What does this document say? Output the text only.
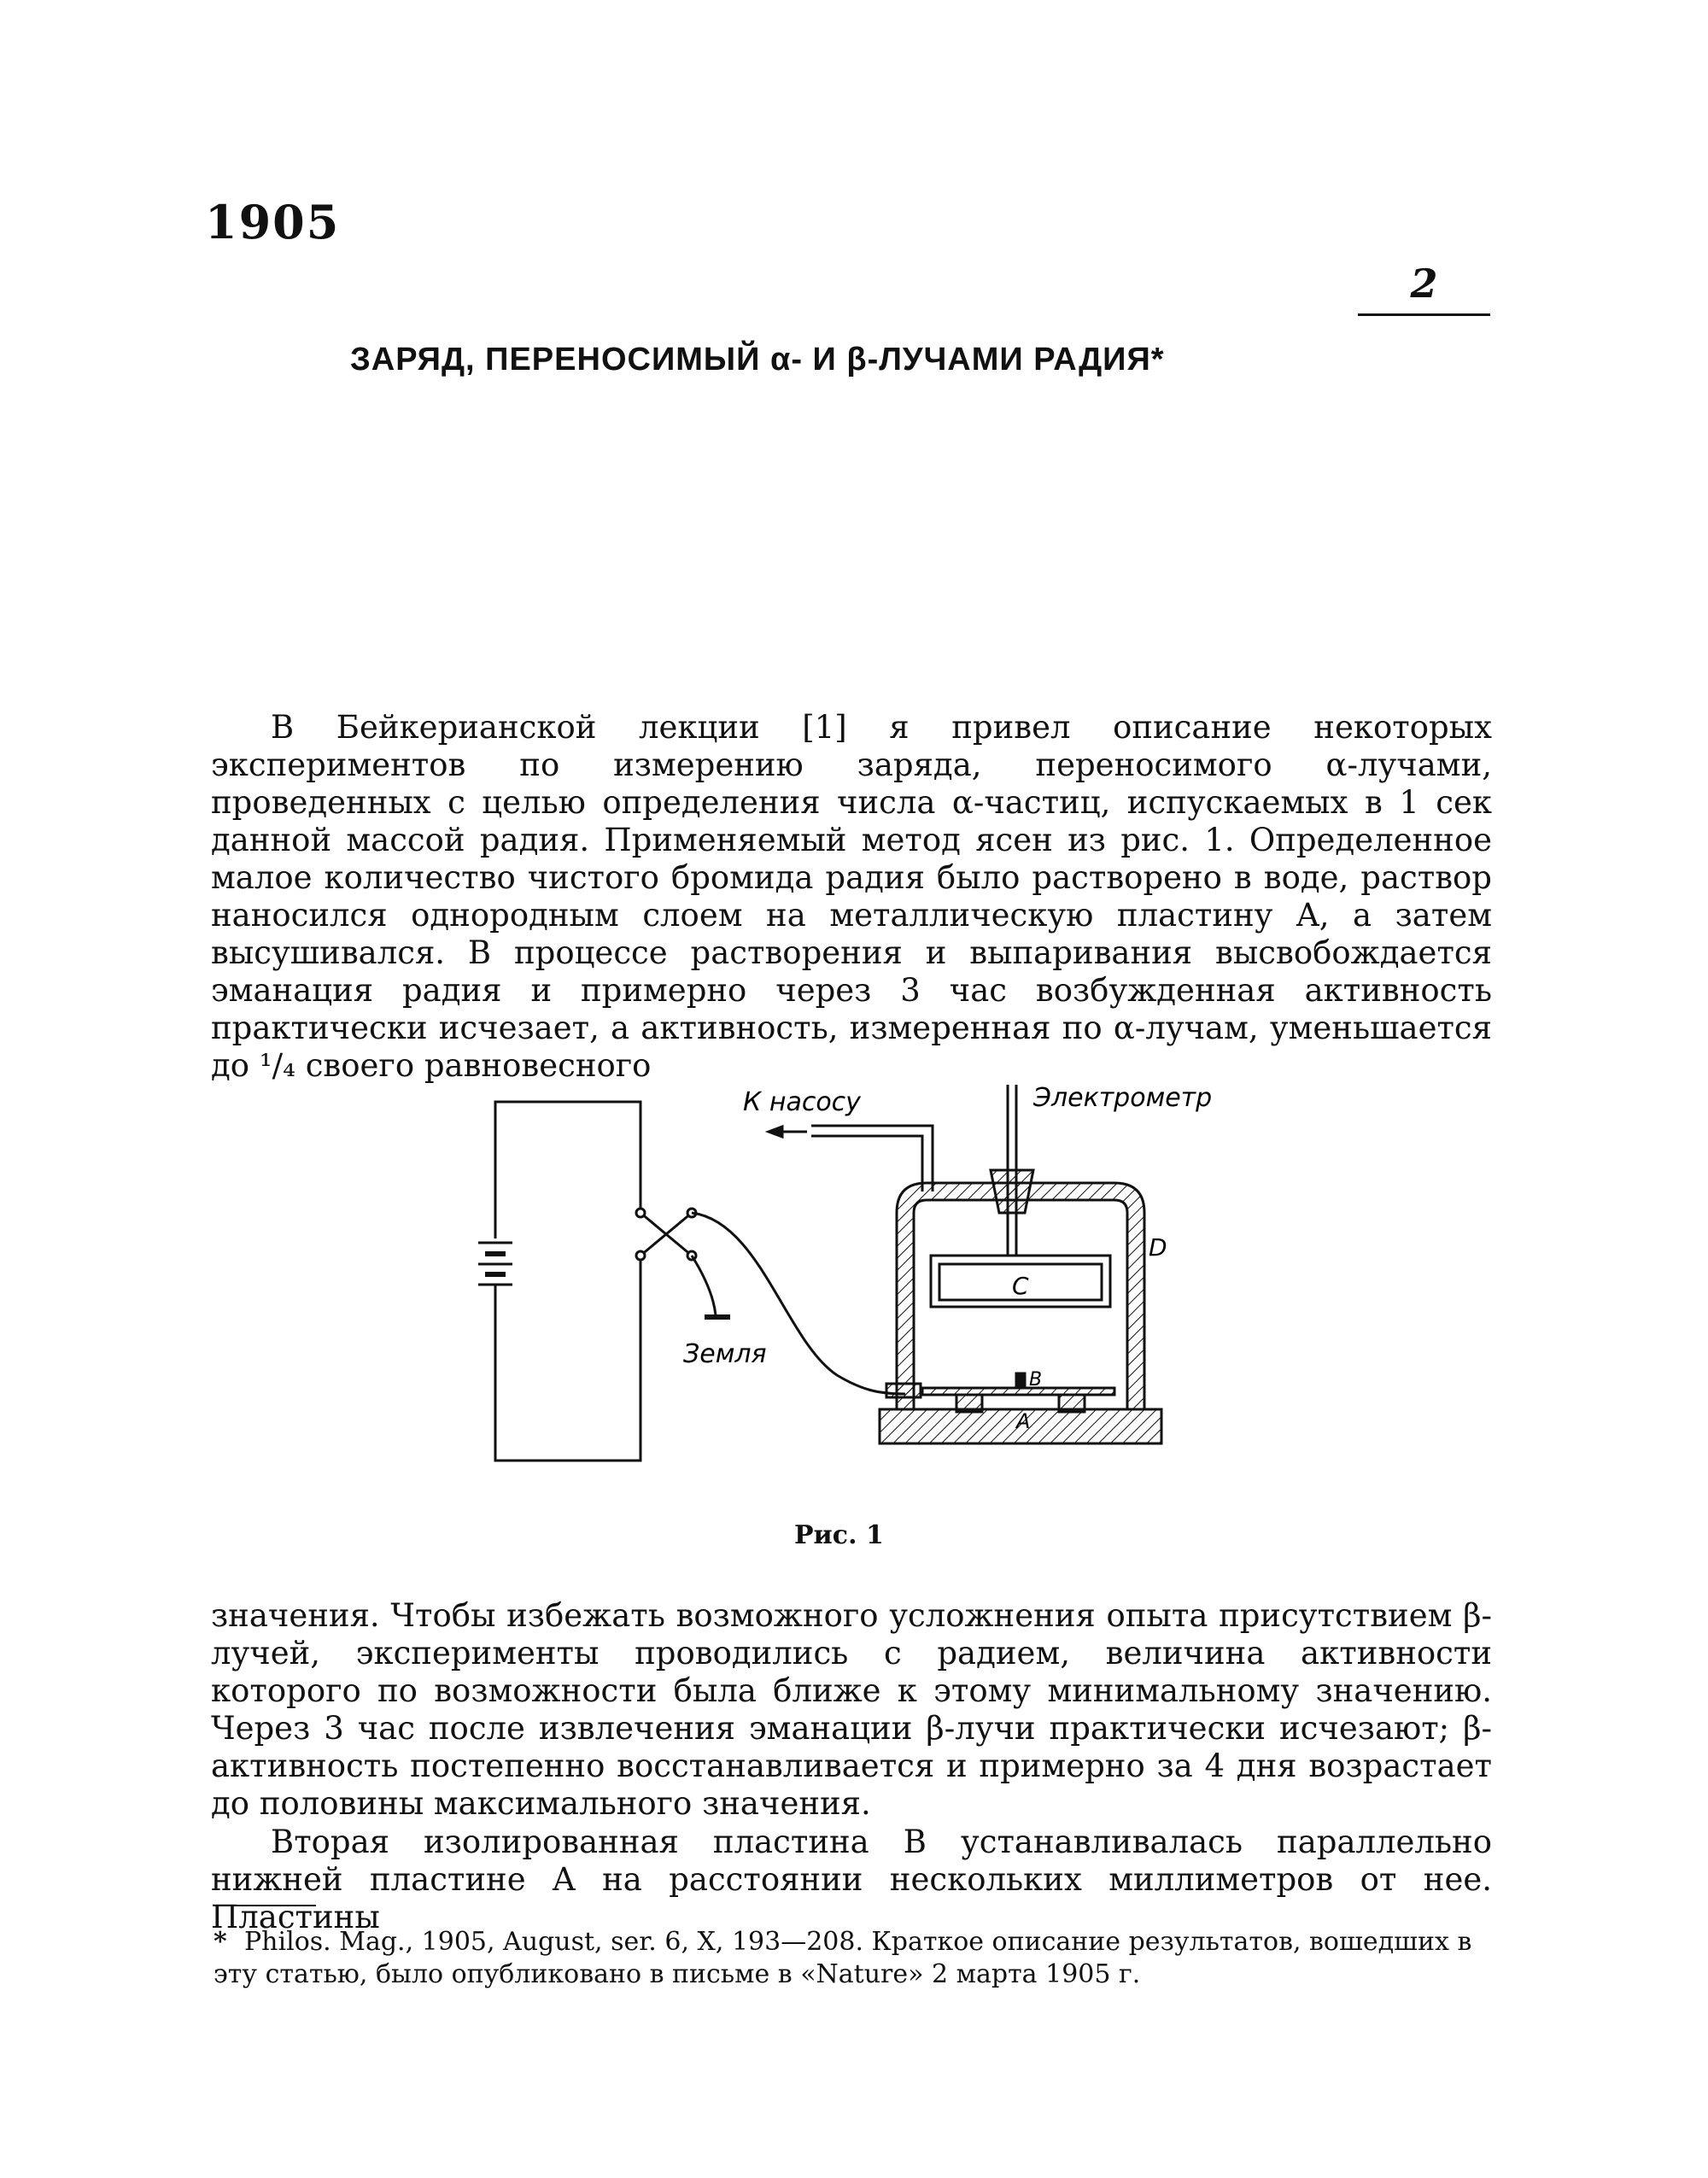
1905
2
ЗАРЯД, ПЕРЕНОСИМЫЙ α- И β-ЛУЧАМИ РАДИЯ*

В Бейкерианской лекции [1] я привел описание некоторых экспериментов по измерению заряда, переносимого α-лучами, проведенных с целью определения числа α-частиц, испускаемых в 1 сек данной массой радия. Применяемый метод ясен из рис. 1. Определенное малое количество чистого бромида радия было растворено в воде, раствор наносился однородным слоем на металлическую пластину A, а затем высушивался. В процессе растворения и выпаривания высвобождается эманация радия и примерно через 3 час возбужденная активность практически исчезает, а активность, измеренная по α-лучам, уменьшается до ¹/₄ своего равновесного

Земля
К насосу	Электрометр
D
C
B
A
Рис. 1

значения. Чтобы избежать возможного усложнения опыта присутствием β-лучей, эксперименты проводились с радием, величина активности которого по возможности была ближе к этому минимальному значению. Через 3 час после извлечения эманации β-лучи практически исчезают; β-активность постепенно восстанавливается и примерно за 4 дня возрастает до половины максимального значения.

Вторая изолированная пластина B устанавливалась параллельно нижней пластине A на расстоянии нескольких миллиметров от нее. Пластины

* Philos. Mag., 1905, August, ser. 6, X, 193—208. Краткое описание результатов, вошедших в эту статью, было опубликовано в письме в «Nature» 2 марта 1905 г.
